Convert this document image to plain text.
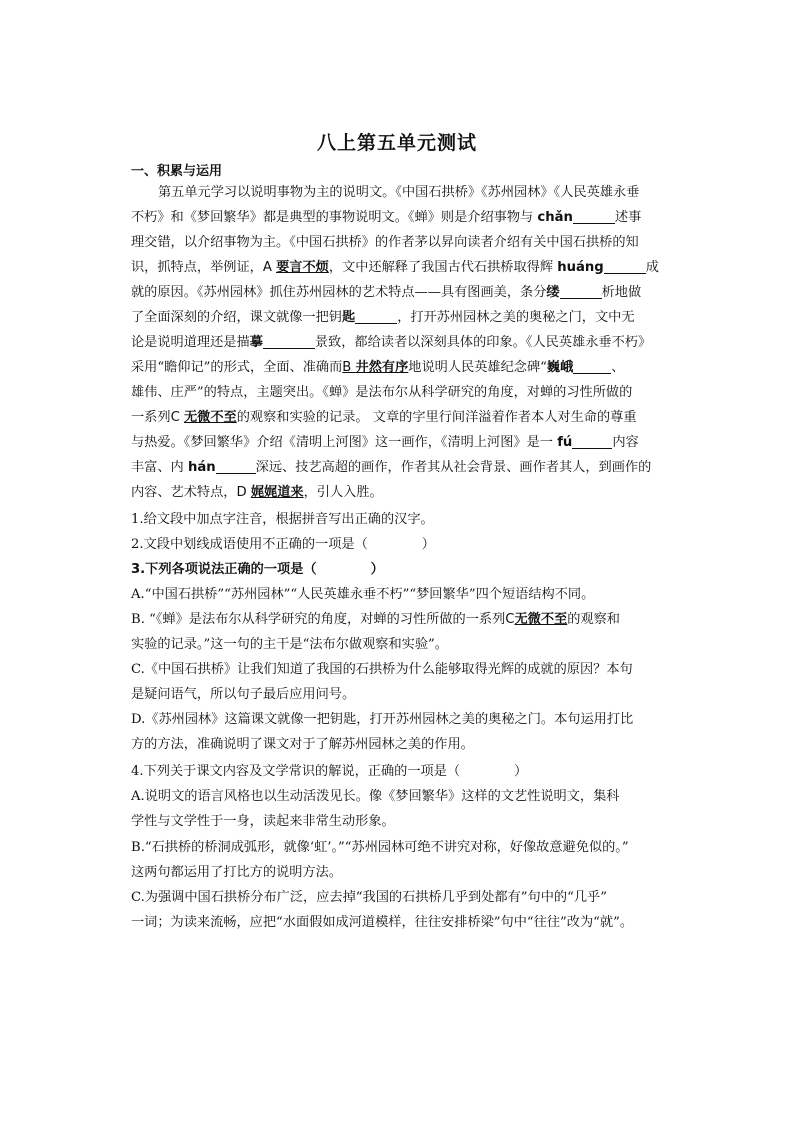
八上第五单元测试
一、积累与运用
第五单元学习以说明事物为主的说明文。《中国石拱桥》《苏州园林》《人民英雄永垂
不朽》和《梦回繁华》都是典型的事物说明文。《蝉》则是介绍事物与 chǎn	述事
理交错，以介绍事物为主。《中国石拱桥》的作者茅以昇向读者介绍有关中国石拱桥的知
识，抓特点，举例证，A 要言不烦，文中还解释了我国古代石拱桥取得辉 huáng	成
就的原因。《苏州园林》抓住苏州园林的艺术特点——具有图画美，条分缕	析地做
了全面深刻的介绍，课文就像一把钥匙	，打开苏州园林之美的奥秘之门，文中无
论是说明道理还是描摹	景致，都给读者以深刻具体的印象。《人民英雄永垂不朽》
采用“瞻仰记”的形式，全面、准确而B 井然有序地说明人民英雄纪念碑“巍峨	、
雄伟、庄严”的特点，主题突出。《蝉》是法布尔从科学研究的角度，对蝉的习性所做的
一系列C 无微不至的观察和实验的记录。 文章的字里行间洋溢着作者本人对生命的尊重
与热爱。《梦回繁华》介绍《清明上河图》这一画作，《清明上河图》是一 fú	内容
丰富、内 hán	深远、技艺高超的画作，作者其从社会背景、画作者其人，到画作的
内容、艺术特点，D 娓娓道来，引人入胜。
1.给文段中加点字注音，根据拼音写出正确的汉字。
2.文段中划线成语使用不正确的一项是（	）
3.下列各项说法正确的一项是（	）
A.“中国石拱桥”“苏州园林”“人民英雄永垂不朽”“梦回繁华”四个短语结构不同。
B. “《蝉》是法布尔从科学研究的角度，对蝉的习性所做的一系列C无微不至的观察和
实验的记录。”这一句的主干是“法布尔做观察和实验”。
C.《中国石拱桥》让我们知道了我国的石拱桥为什么能够取得光辉的成就的原因？本句
是疑问语气，所以句子最后应用问号。
D.《苏州园林》这篇课文就像一把钥匙，打开苏州园林之美的奥秘之门。本句运用打比
方的方法，准确说明了课文对于了解苏州园林之美的作用。
4.下列关于课文内容及文学常识的解说，正确的一项是（	）
A.说明文的语言风格也以生动活泼见长。像《梦回繁华》这样的文艺性说明文，集科
学性与文学性于一身，读起来非常生动形象。
B.“石拱桥的桥洞成弧形，就像‘虹’。”“苏州园林可绝不讲究对称，好像故意避免似的。”
这两句都运用了打比方的说明方法。
C.为强调中国石拱桥分布广泛，应去掉“我国的石拱桥几乎到处都有”句中的“几乎”
一词；为读来流畅，应把“水面假如成河道模样，往往安排桥梁”句中“往往”改为“就”。
